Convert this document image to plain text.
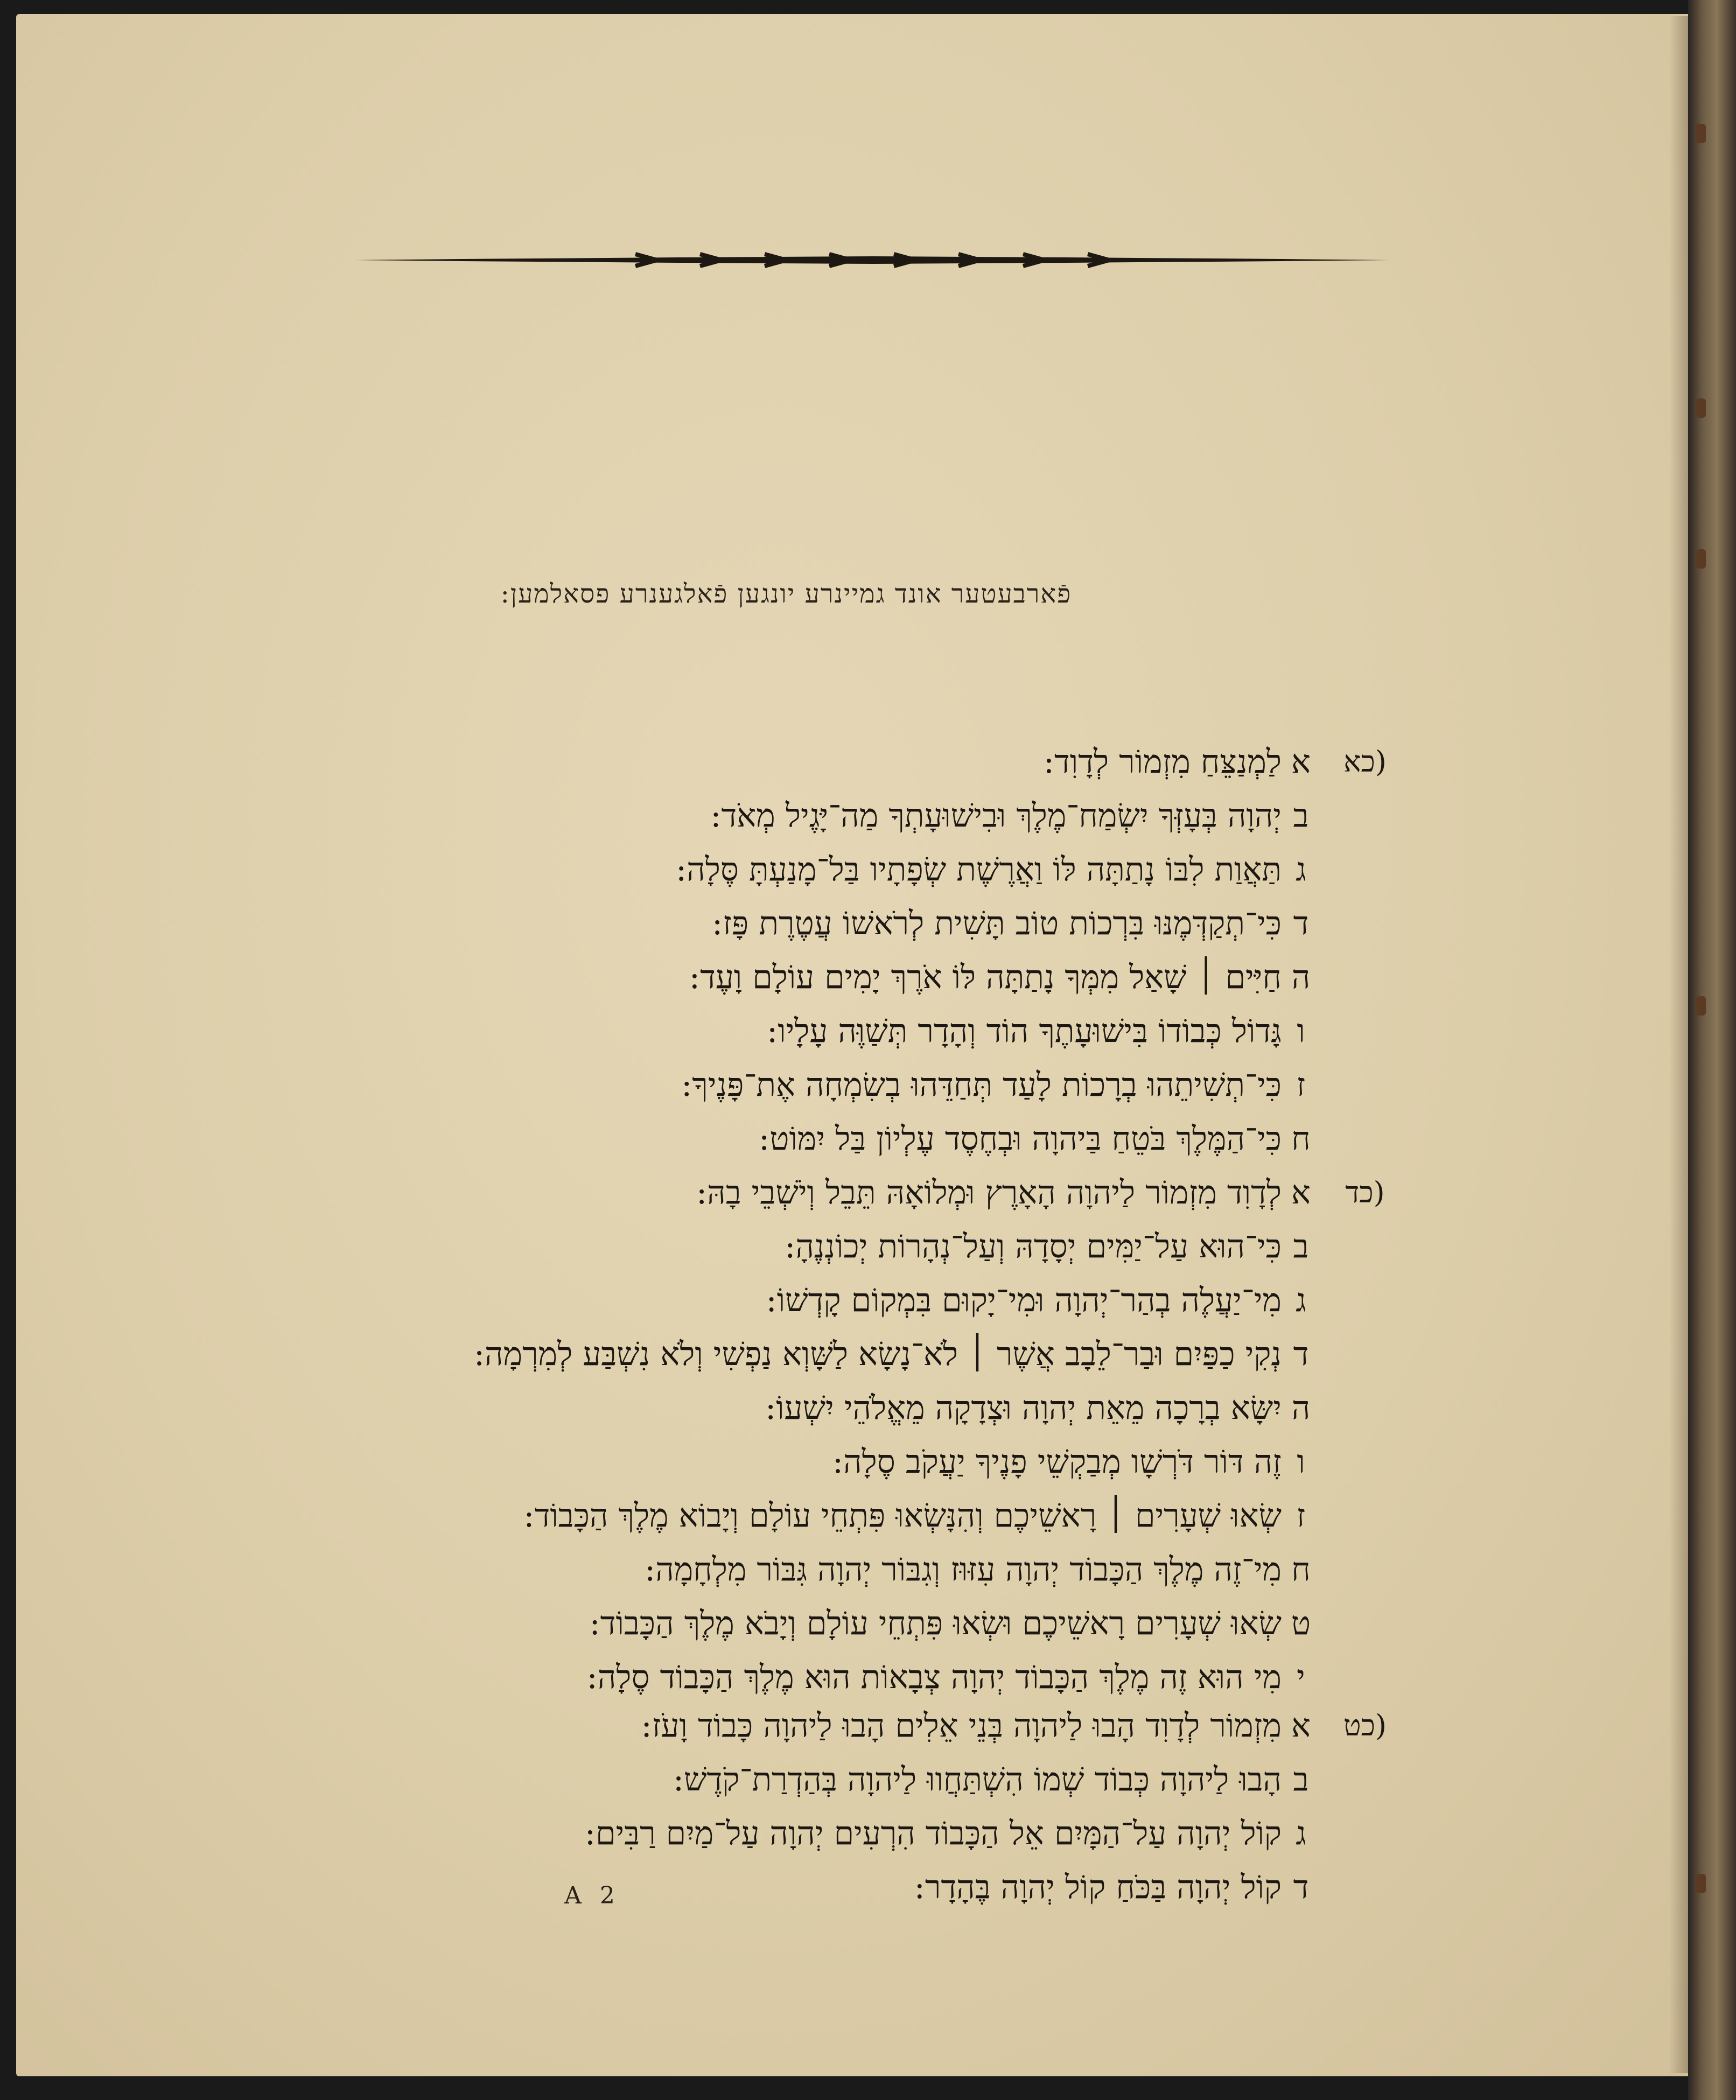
פֿארבעטער אונד גמיינרע יונגען פֿאלגענרע פסאלמען:
(כא
א
לַמְנַצֵּחַ מִזְמוֹר לְדָוִד:
ב
יְהוָה בְּעָזְּךָ יִשְׂמַח־מֶלֶךְ וּבִישׁוּעָתְךָ מַה־יָּגֶיל מְאֹד:
ג
תַּאֲוַת לִבּוֹ נָתַתָּה לּוֹ וַאֲרֶשֶׁת שְׂפָתָיו בַּל־מָנַעְתָּ סֶּלָה:
ד
כִּי־תְקַדְּמֶנּוּ בִּרְכוֹת טוֹב תָּשִׁית לְרֹאשׁוֹ עֲטֶרֶת פָּז:
ה
חַיִּים ׀ שָׁאַל מִמְּךָ נָתַתָּה לּוֹ אֹרֶךְ יָמִים עוֹלָם וָעֶד:
ו
גָּדוֹל כְּבוֹדוֹ בִּישׁוּעָתֶךָ הוֹד וְהָדָר תְּשַׁוֶּה עָלָיו:
ז
כִּי־תְשִׁיתֵהוּ בְרָכוֹת לָעַד תְּחַדֵּהוּ בְשִׂמְחָה אֶת־פָּנֶיךָ:
ח
כִּי־הַמֶּלֶךְ בֹּטֵחַ בַּיהוָה וּבְחֶסֶד עֶלְיוֹן בַּל יִמּוֹט:
(כד
א
לְדָוִד מִזְמוֹר לַיהוָה הָאָרֶץ וּמְלוֹאָהּ תֵּבֵל וְיֹשְׁבֵי בָהּ:
ב
כִּי־הוּא עַל־יַמִּים יְסָדָהּ וְעַל־נְהָרוֹת יְכוֹנְנֶהָ:
ג
מִי־יַעֲלֶה בְהַר־יְהוָה וּמִי־יָקוּם בִּמְקוֹם קָדְשׁוֹ:
ד
נְקִי כַפַּיִם וּבַר־לֵבָב אֲשֶׁר ׀ לֹא־נָשָׂא לַשָּׁוְא נַפְשִׁי וְלֹא נִשְׁבַּע לְמִרְמָה:
ה
יִשָּׂא בְרָכָה מֵאֵת יְהוָה וּצְדָקָה מֵאֱלֹהֵי יִשְׁעוֹ:
ו
זֶה דּוֹר דֹּרְשָׁו מְבַקְשֵׁי פָנֶיךָ יַעֲקֹב סֶלָה:
ז
שְׂאוּ שְׁעָרִים ׀ רָאשֵׁיכֶם וְהִנָּשְׂאוּ פִּתְחֵי עוֹלָם וְיָבוֹא מֶלֶךְ הַכָּבוֹד:
ח
מִי־זֶה מֶלֶךְ הַכָּבוֹד יְהוָה עִזּוּז וְגִבּוֹר יְהוָה גִּבּוֹר מִלְחָמָה:
ט
שְׂאוּ שְׁעָרִים רָאשֵׁיכֶם וּשְׂאוּ פִּתְחֵי עוֹלָם וְיָבֹא מֶלֶךְ הַכָּבוֹד:
י
מִי הוּא זֶה מֶלֶךְ הַכָּבוֹד יְהוָה צְבָאוֹת הוּא מֶלֶךְ הַכָּבוֹד סֶלָה:
(כט
א
מִזְמוֹר לְדָוִד הָבוּ לַיהוָה בְּנֵי אֵלִים הָבוּ לַיהוָה כָּבוֹד וָעֹז:
ב
הָבוּ לַיהוָה כְּבוֹד שְׁמוֹ הִשְׁתַּחֲווּ לַיהוָה בְּהַדְרַת־קֹדֶשׁ:
ג
קוֹל יְהוָה עַל־הַמָּיִם אֵל הַכָּבוֹד הִרְעִים יְהוָה עַל־מַיִם רַבִּים:
ד
קוֹל יְהוָה בַּכֹּחַ קוֹל יְהוָה בֶּהָדָר:
A 2
